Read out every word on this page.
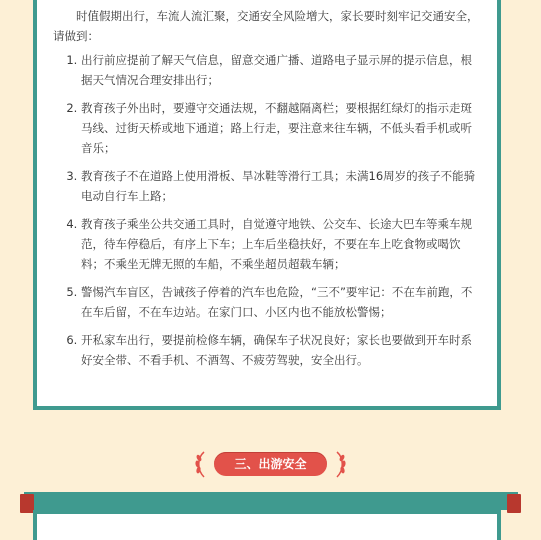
时值假期出行，车流人流汇聚，交通安全风险增大，家长要时刻牢记交通安全，请做到：

1. 出行前应提前了解天气信息，留意交通广播、道路电子显示屏的提示信息，根据天气情况合理安排出行；
2. 教育孩子外出时，要遵守交通法规，不翻越隔离栏；要根据红绿灯的指示走斑马线、过街天桥或地下通道；路上行走，要注意来往车辆，不低头看手机或听音乐；
3. 教育孩子不在道路上使用滑板、旱冰鞋等滑行工具；未满16周岁的孩子不能骑电动自行车上路；
4. 教育孩子乘坐公共交通工具时，自觉遵守地铁、公交车、长途大巴车等乘车规范，待车停稳后，有序上下车；上车后坐稳扶好，不要在车上吃食物或喝饮料；不乘坐无牌无照的车船，不乘坐超员超载车辆；
5. 警惕汽车盲区，告诫孩子停着的汽车也危险，“三不”要牢记：不在车前跑，不在车后留，不在车边站。在家门口、小区内也不能放松警惕；
6. 开私家车出行，要提前检修车辆，确保车子状况良好；家长也要做到开车时系好安全带、不看手机、不酒驾、不疲劳驾驶，安全出行。
三、出游安全
